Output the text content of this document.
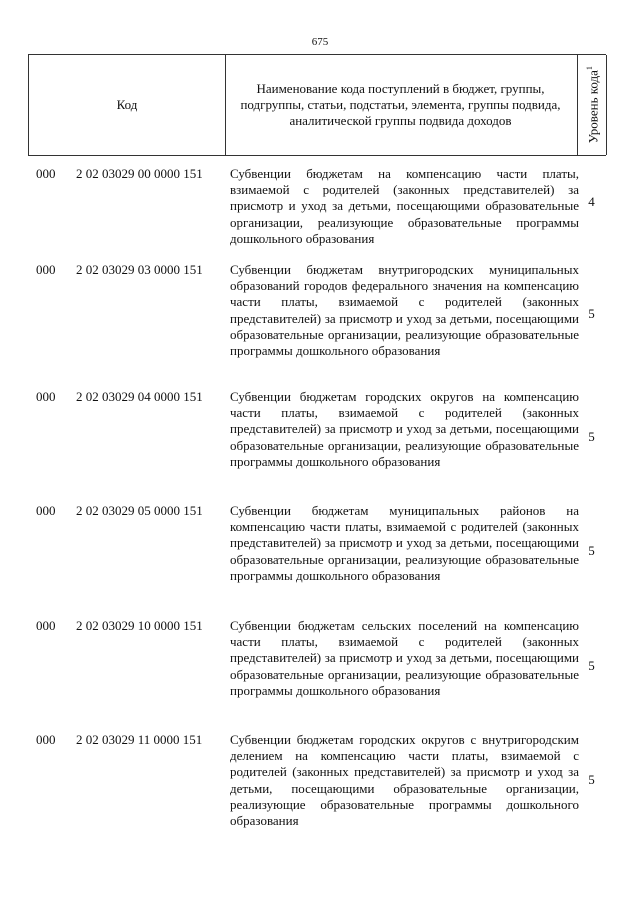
675
Код
Наименование кода поступлений в бюджет, группы, подгруппы, статьи, подстатьи, элемента, группы подвида, аналитической группы подвида доходов	Уровень кода$^1$
000 2 02 03029 00 0000 151 Субвенции бюджетам на компенсацию части платы, взимаемой с родителей (законных представителей) за присмотр и уход за детьми, посещающими образовательные организации, реализующие образовательные программы дошкольного образования
4
000 2 02 03029 03 0000 151 Субвенции бюджетам внутригородских муниципальных образований городов федерального значения на компенсацию части платы, взимаемой с родителей (законных представителей) за присмотр и уход за детьми, посещающими образовательные организации, реализующие образовательные программы дошкольного образования
5
000 2 02 03029 04 0000 151 Субвенции бюджетам городских округов на компенсацию части платы, взимаемой с родителей (законных представителей) за присмотр и уход за детьми, посещающими образовательные организации, реализующие образовательные программы дошкольного образования
5
000 2 02 03029 05 0000 151 Субвенции бюджетам муниципальных районов на компенсацию части платы, взимаемой с родителей (законных представителей) за присмотр и уход за детьми, посещающими образовательные организации, реализующие образовательные программы дошкольного образования
5
000 2 02 03029 10 0000 151 Субвенции бюджетам сельских поселений на компенсацию части платы, взимаемой с родителей (законных представителей) за присмотр и уход за детьми, посещающими образовательные организации, реализующие образовательные программы дошкольного образования
5
000 2 02 03029 11 0000 151 Субвенции бюджетам городских округов с внутригородским делением на компенсацию части платы, взимаемой с родителей (законных представителей) за присмотр и уход за детьми, посещающими образовательные организации, реализующие образовательные программы дошкольного образования
5
